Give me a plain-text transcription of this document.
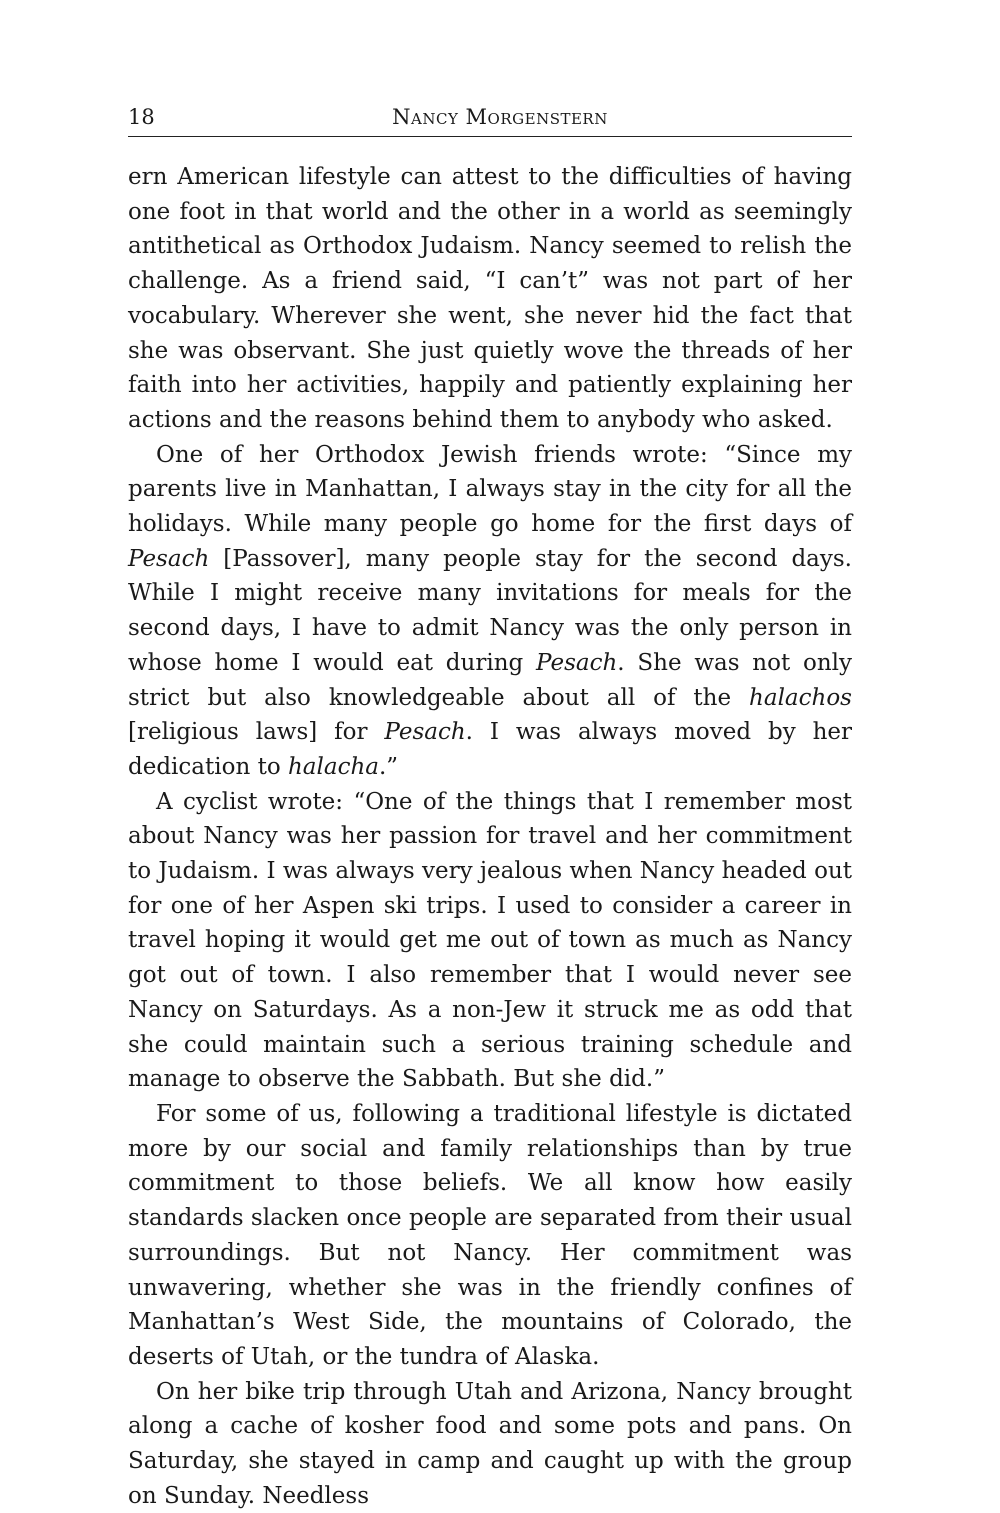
18	Nancy Morgenstern

ern American lifestyle can attest to the difficulties of having one foot in that world and the other in a world as seemingly antithetical as Orthodox Judaism. Nancy seemed to relish the challenge. As a friend said, “I can’t” was not part of her vocabulary. Wherever she went, she never hid the fact that she was observant. She just quietly wove the threads of her faith into her activities, happily and patiently explaining her actions and the reasons behind them to anybody who asked.

One of her Orthodox Jewish friends wrote: “Since my parents live in Manhattan, I always stay in the city for all the holidays. While many people go home for the first days of Pesach [Passover], many people stay for the second days. While I might receive many invitations for meals for the second days, I have to admit Nancy was the only person in whose home I would eat during Pesach. She was not only strict but also knowledgeable about all of the halachos [religious laws] for Pesach. I was always moved by her dedication to halacha.”

A cyclist wrote: “One of the things that I remember most about Nancy was her passion for travel and her commitment to Judaism. I was always very jealous when Nancy headed out for one of her Aspen ski trips. I used to consider a career in travel hoping it would get me out of town as much as Nancy got out of town. I also remember that I would never see Nancy on Saturdays. As a non-Jew it struck me as odd that she could maintain such a serious training schedule and manage to observe the Sabbath. But she did.”

For some of us, following a traditional lifestyle is dictated more by our social and family relationships than by true commitment to those beliefs. We all know how easily standards slacken once people are separated from their usual surroundings. But not Nancy. Her commitment was unwavering, whether she was in the friendly confines of Manhattan’s West Side, the mountains of Colorado, the deserts of Utah, or the tundra of Alaska.

On her bike trip through Utah and Arizona, Nancy brought along a cache of kosher food and some pots and pans. On Saturday, she stayed in camp and caught up with the group on Sunday. Needless
